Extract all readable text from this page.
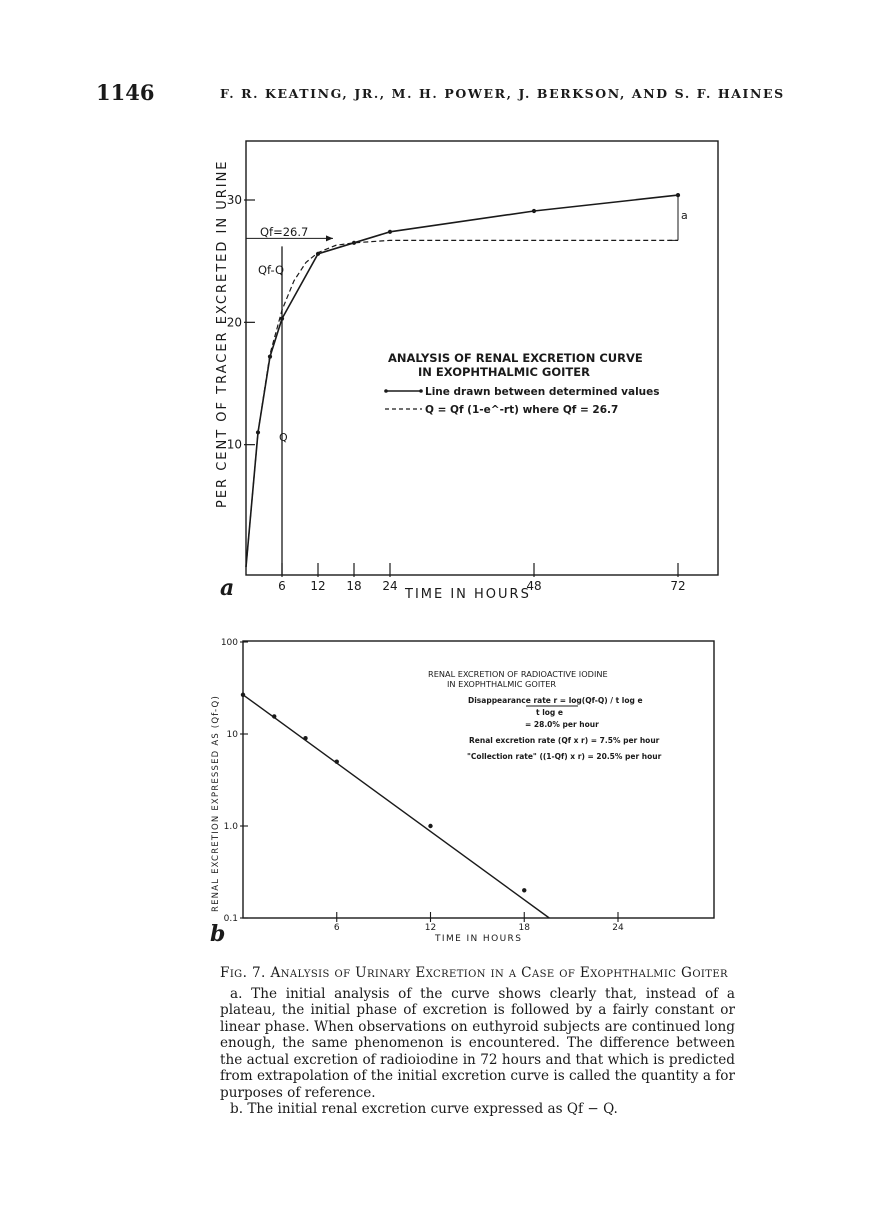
1146	F. R. KEATING, JR., M. H. POWER, J. BERKSON, AND S. F. HAINES
6 12 18 24	48	72
10
20
30
PER CENT OF TRACER EXCRETED IN URINE
TIME IN HOURS
a
ANALYSIS OF RENAL EXCRETION CURVE
IN EXOPHTHALMIC GOITER
Line drawn between determined values
Q = Qf (1-e^-rt) where Qf = 26.7
Qf=26.7
Qf-Q
Q
a
6	12	18	24
0.1
1.0
10
100
t log e
RENAL EXCRETION EXPRESSED AS (Qf-Q)
TIME IN HOURS
b
RENAL EXCRETION OF RADIOACTIVE IODINE
IN EXOPHTHALMIC GOITER
Disappearance rate r = log(Qf-Q) / t log e
= 28.0% per hour
Renal excretion rate (Qf x r) = 7.5% per hour
"Collection rate" ((1-Qf) x r) = 20.5% per hour

Fig. 7. Analysis of Urinary Excretion in a Case of Exophthalmic Goiter

a. The initial analysis of the curve shows clearly that, instead of a plateau, the initial phase of excretion is followed by a fairly constant or linear phase. When observations on euthyroid subjects are continued long enough, the same phenomenon is encountered. The difference between the actual excretion of radioiodine in 72 hours and that which is predicted from extrapolation of the initial excretion curve is called the quantity a for purposes of reference.

b. The initial renal excretion curve expressed as Qf − Q.
